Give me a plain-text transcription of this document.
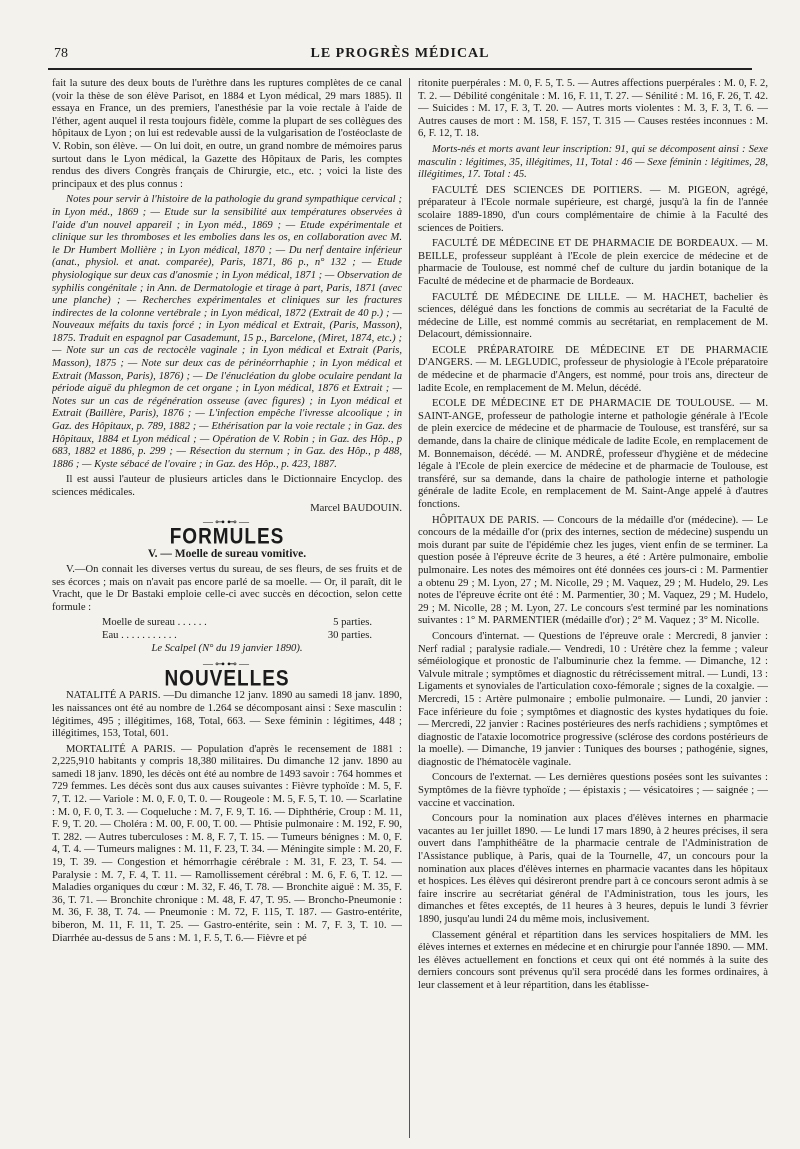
78	LE PROGRÈS MÉDICAL

fait la suture des deux bouts de l'urèthre dans les ruptures complètes de ce canal (voir la thèse de son élève Parisot, en 1884 et Lyon médical, 29 mars 1885). Il essaya en France, un des premiers, l'anesthésie par la voie rectale à l'aide de l'éther, agent auquel il resta toujours fidèle, comme la plupart de ses collègues des hôpitaux de Lyon ; on lui est redevable aussi de la vulgarisation de l'ostéoclaste de V. Robin, son élève. — On lui doit, en outre, un grand nombre de mémoires parus surtout dans le Lyon médical, la Gazette des Hôpitaux de Paris, les comptes rendus des divers Congrès français de Chirurgie, etc., etc. ; voici la liste des principaux et des plus connus :

Notes pour servir à l'histoire de la pathologie du grand sympathique cervical ; in Lyon méd., 1869 ; — Etude sur la sensibilité aux températures observées à l'aide d'un nouvel appareil ; in Lyon méd., 1869 ; — Etude expérimentale et clinique sur les thromboses et les embolies dans les os, en collaboration avec M. le Dr Humbert Mollière ; in Lyon médical, 1870 ; — Du nerf dentaire inférieur (anat., physiol. et anat. comparée), Paris, 1871, 86 p., n° 132 ; — Etude physiologique sur deux cas d'anosmie ; in Lyon médical, 1871 ; — Observation de syphilis congénitale ; in Ann. de Dermatologie et tirage à part, Paris, 1871 (avec une planche) ; — Recherches expérimentales et cliniques sur les fractures indirectes de la colonne vertébrale ; in Lyon médical, 1872 (Extrait de 40 p.) ; — Nouveaux méfaits du taxis forcé ; in Lyon médical et Extrait, (Paris, Masson), 1875. Traduit en espagnol par Casademunt, 15 p., Barcelone, (Miret, 1874, etc.) ; — Note sur un cas de rectocèle vaginale ; in Lyon médical et Extrait (Paris, Masson), 1875 ; — Note sur deux cas de périnéorrhaphie ; in Lyon médical et Extrait (Masson, Paris), 1876) ; — De l'énucléation du globe oculaire pendant la période aiguë du phlegmon de cet organe ; in Lyon médical, 1876 et Extrait ; — Notes sur un cas de régénération osseuse (avec figures) ; in Lyon médical et Extrait (Baillère, Paris), 1876 ; — L'infection empêche l'ivresse alcoolique ; in Gaz. des Hôpitaux, p. 789, 1882 ; — Ethérisation par la voie rectale ; in Gaz. des Hôpitaux, 1884 et Lyon médical ; — Opération de V. Robin ; in Gaz. des Hôp., p 683, 1882 et 1886, p. 299 ; — Résection du sternum ; in Gaz. des Hôp., p 488, 1886 ; — Kyste sébacé de l'ovaire ; in Gaz. des Hôp., p. 423, 1887.

Il est aussi l'auteur de plusieurs articles dans le Dictionnaire Encyclop. des sciences médicales.

Marcel BAUDOUIN.
—⊶⊷—
FORMULES
V. — Moelle de sureau vomitive.

V.—On connait les diverses vertus du sureau, de ses fleurs, de ses fruits et de ses écorces ; mais on n'avait pas encore parlé de sa moelle. — Or, il paraît, dit le Vracht, que le Dr Bastaki emploie celle-ci avec succès en décoction, selon cette formule :

Moelle de sureau . . . . . .	5 parties.
Eau . . . . . . . . . . .	30 parties.
Le Scalpel (N° du 19 janvier 1890).
—⊶⊷—
NOUVELLES

NATALITÉ A PARIS. —Du dimanche 12 janv. 1890 au samedi 18 janv. 1890, les naissances ont été au nombre de 1.264 se décomposant ainsi : Sexe masculin : légitimes, 495 ; illégitimes, 168, Total, 663. — Sexe féminin : légitimes, 448 ; illégitimes, 153, Total, 601.

MORTALITÉ A PARIS. — Population d'après le recensement de 1881 : 2,225,910 habitants y compris 18,380 militaires. Du dimanche 12 janv. 1890 au samedi 18 janv. 1890, les décès ont été au nombre de 1493 savoir : 764 hommes et 729 femmes. Les décès sont dus aux causes suivantes : Fièvre typhoïde : M. 5, F. 7, T. 12. — Variole : M. 0, F. 0, T. 0. — Rougeole : M. 5, F. 5, T. 10. — Scarlatine : M. 0, F. 0, T. 3. — Coqueluche : M. 7, F. 9, T. 16. — Diphthérie, Croup : M. 11, F. 9, T. 20. — Choléra : M. 00, F. 00, T. 00. — Phtisie pulmonaire : M. 192, F. 90, T. 282. — Autres tuberculoses : M. 8, F. 7, T. 15. — Tumeurs bénignes : M. 0, F. 4, T. 4. — Tumeurs malignes : M. 11, F. 23, T. 34. — Méningite simple : M. 20, F. 19, T. 39. — Congestion et hémorrhagie cérébrale : M. 31, F. 23, T. 54. — Paralysie : M. 7, F. 4, T. 11. — Ramollissement cérébral : M. 6, F. 6, T. 12. — Maladies organiques du cœur : M. 32, F. 46, T. 78. — Bronchite aiguë : M. 35, F. 36, T. 71. — Bronchite chronique : M. 48, F. 47, T. 95. — Broncho-Pneumonie : M. 36, F. 38, T. 74. — Pneumonie : M. 72, F. 115, T. 187. — Gastro-entérite, biberon, M. 11, F. 11, T. 25. — Gastro-entérite, sein : M. 7, F. 3, T. 10. — Diarrhée au-dessus de 5 ans : M. 1, F. 5, T. 6.— Fièvre et pé

ritonite puerpérales : M. 0, F. 5, T. 5. — Autres affections puerpérales : M. 0, F. 2, T. 2. — Débilité congénitale : M. 16, F. 11, T. 27. — Sénilité : M. 16, F. 26, T. 42. — Suicides : M. 17, F. 3, T. 20. — Autres morts violentes : M. 3, F. 3, T. 6. — Autres causes de mort : M. 158, F. 157, T. 315 — Causes restées inconnues : M. 6, F. 12, T. 18.

Morts-nés et morts avant leur inscription: 91, qui se décomposent ainsi : Sexe masculin : légitimes, 35, illégitimes, 11, Total : 46 — Sexe féminin : légitimes, 28, illégitimes, 17. Total : 45.

FACULTÉ DES SCIENCES DE POITIERS. — M. PIGEON, agrégé, préparateur à l'Ecole normale supérieure, est chargé, jusqu'à la fin de l'année scolaire 1889-1890, d'un cours complémentaire de chimie à la Faculté des sciences de Poitiers.

FACULTÉ DE MÉDECINE ET DE PHARMACIE DE BORDEAUX. — M. BEILLE, professeur suppléant à l'Ecole de plein exercice de médecine et de pharmacie de Toulouse, est nommé chef de culture du jardin botanique de la Faculté de médecine et de pharmacie de Bordeaux.

FACULTÉ DE MÉDECINE DE LILLE. — M. HACHET, bachelier ès sciences, délégué dans les fonctions de commis au secrétariat de la Faculté de médecine de Lille, est nommé commis au secrétariat, en remplacement de M. Delacourt, démissionnaire.

ECOLE PRÉPARATOIRE DE MÉDECINE ET DE PHARMACIE D'ANGERS. — M. LEGLUDIC, professeur de physiologie à l'Ecole préparatoire de médecine et de pharmacie d'Angers, est nommé, pour trois ans, directeur de ladite Ecole, en remplacement de M. Melun, décédé.

ECOLE DE MÉDECINE ET DE PHARMACIE DE TOULOUSE. — M. SAINT-ANGE, professeur de pathologie interne et pathologie générale à l'Ecole de plein exercice de médecine et de pharmacie de Toulouse, est transféré, sur sa demande, dans la chaire de clinique médicale de ladite Ecole, en remplacement de M. Bonnemaison, décédé. — M. ANDRÉ, professeur d'hygiène et de médecine légale à l'Ecole de plein exercice de médecine et de pharmacie de Toulouse, est transféré, sur sa demande, dans la chaire de pathologie interne et pathologie générale de ladite Ecole, en remplacement de M. Saint-Ange appelé à d'autres fonctions.

HÔPITAUX DE PARIS. — Concours de la médaille d'or (médecine). — Le concours de la médaille d'or (prix des internes, section de médecine) suspendu un mois durant par suite de l'épidémie chez les juges, vient enfin de se terminer. La question posée à l'épreuve écrite de 3 heures, a été : Artère pulmonaire, embolie pulmonaire. Les notes des mémoires ont été données ces jours-ci : M. Parmentier a obtenu 29 ; M. Lyon, 27 ; M. Nicolle, 29 ; M. Vaquez, 29 ; M. Hudelo, 29. Les notes de l'épreuve écrite ont été : M. Parmentier, 30 ; M. Vaquez, 29 ; M. Hudelo, 29 ; M. Nicolle, 28 ; M. Lyon, 27. Le concours s'est terminé par les nominations suivantes : 1° M. PARMENTIER (médaille d'or) ; 2° M. Vaquez ; 3° M. Nicolle.

Concours d'internat. — Questions de l'épreuve orale : Mercredi, 8 janvier : Nerf radial ; paralysie radiale.— Vendredi, 10 : Urétère chez la femme ; valeur séméiologique et pronostic de l'albuminurie chez la femme. — Dimanche, 12 : Valvule mitrale ; symptômes et diagnostic du rétrécissement mitral. — Lundi, 13 : Ligaments et synoviales de l'articulation coxo-fémorale ; signes de la coxalgie. — Mercredi, 15 : Artère pulmonaire ; embolie pulmonaire. — Lundi, 20 janvier : Face inférieure du foie ; symptômes et diagnostic des kystes hydatiques du foie. — Mercredi, 22 janvier : Racines postérieures des nerfs rachidiens ; symptômes et diagnostic de l'ataxie locomotrice progressive (sclérose des cordons postérieurs de la moelle). — Dimanche, 19 janvier : Tuniques des bourses ; pathogénie, signes, diagnostic de l'hématocèle vaginale.

Concours de l'externat. — Les dernières questions posées sont les suivantes : Symptômes de la fièvre typhoïde ; — épistaxis ; — vésicatoires ; — saignée ; — vaccine et vaccination.

Concours pour la nomination aux places d'élèves internes en pharmacie vacantes au 1er juillet 1890. — Le lundi 17 mars 1890, à 2 heures précises, il sera ouvert dans l'amphithéâtre de la pharmacie centrale de l'Administration de l'Assistance publique, à Paris, quai de la Tournelle, 47, un concours pour la nomination aux places d'élèves internes en pharmacie vacantes dans les hôpitaux et hospices. Les élèves qui désireront prendre part à ce concours seront admis à se faire inscrire au secrétariat général de l'Administration, tous les jours, les dimanches et fêtes exceptés, de 11 heures à 3 heures, depuis le lundi 3 février 1890, jusqu'au lundi 24 du même mois, inclusivement.

Classement général et répartition dans les services hospitaliers de MM. les élèves internes et externes en médecine et en chirurgie pour l'année 1890. — MM. les élèves actuellement en fonctions et ceux qui ont été nommés à la suite des derniers concours sont prévenus qu'il sera procédé dans les formes ordinaires, à leur classement et à leur répartition, dans les établisse-
